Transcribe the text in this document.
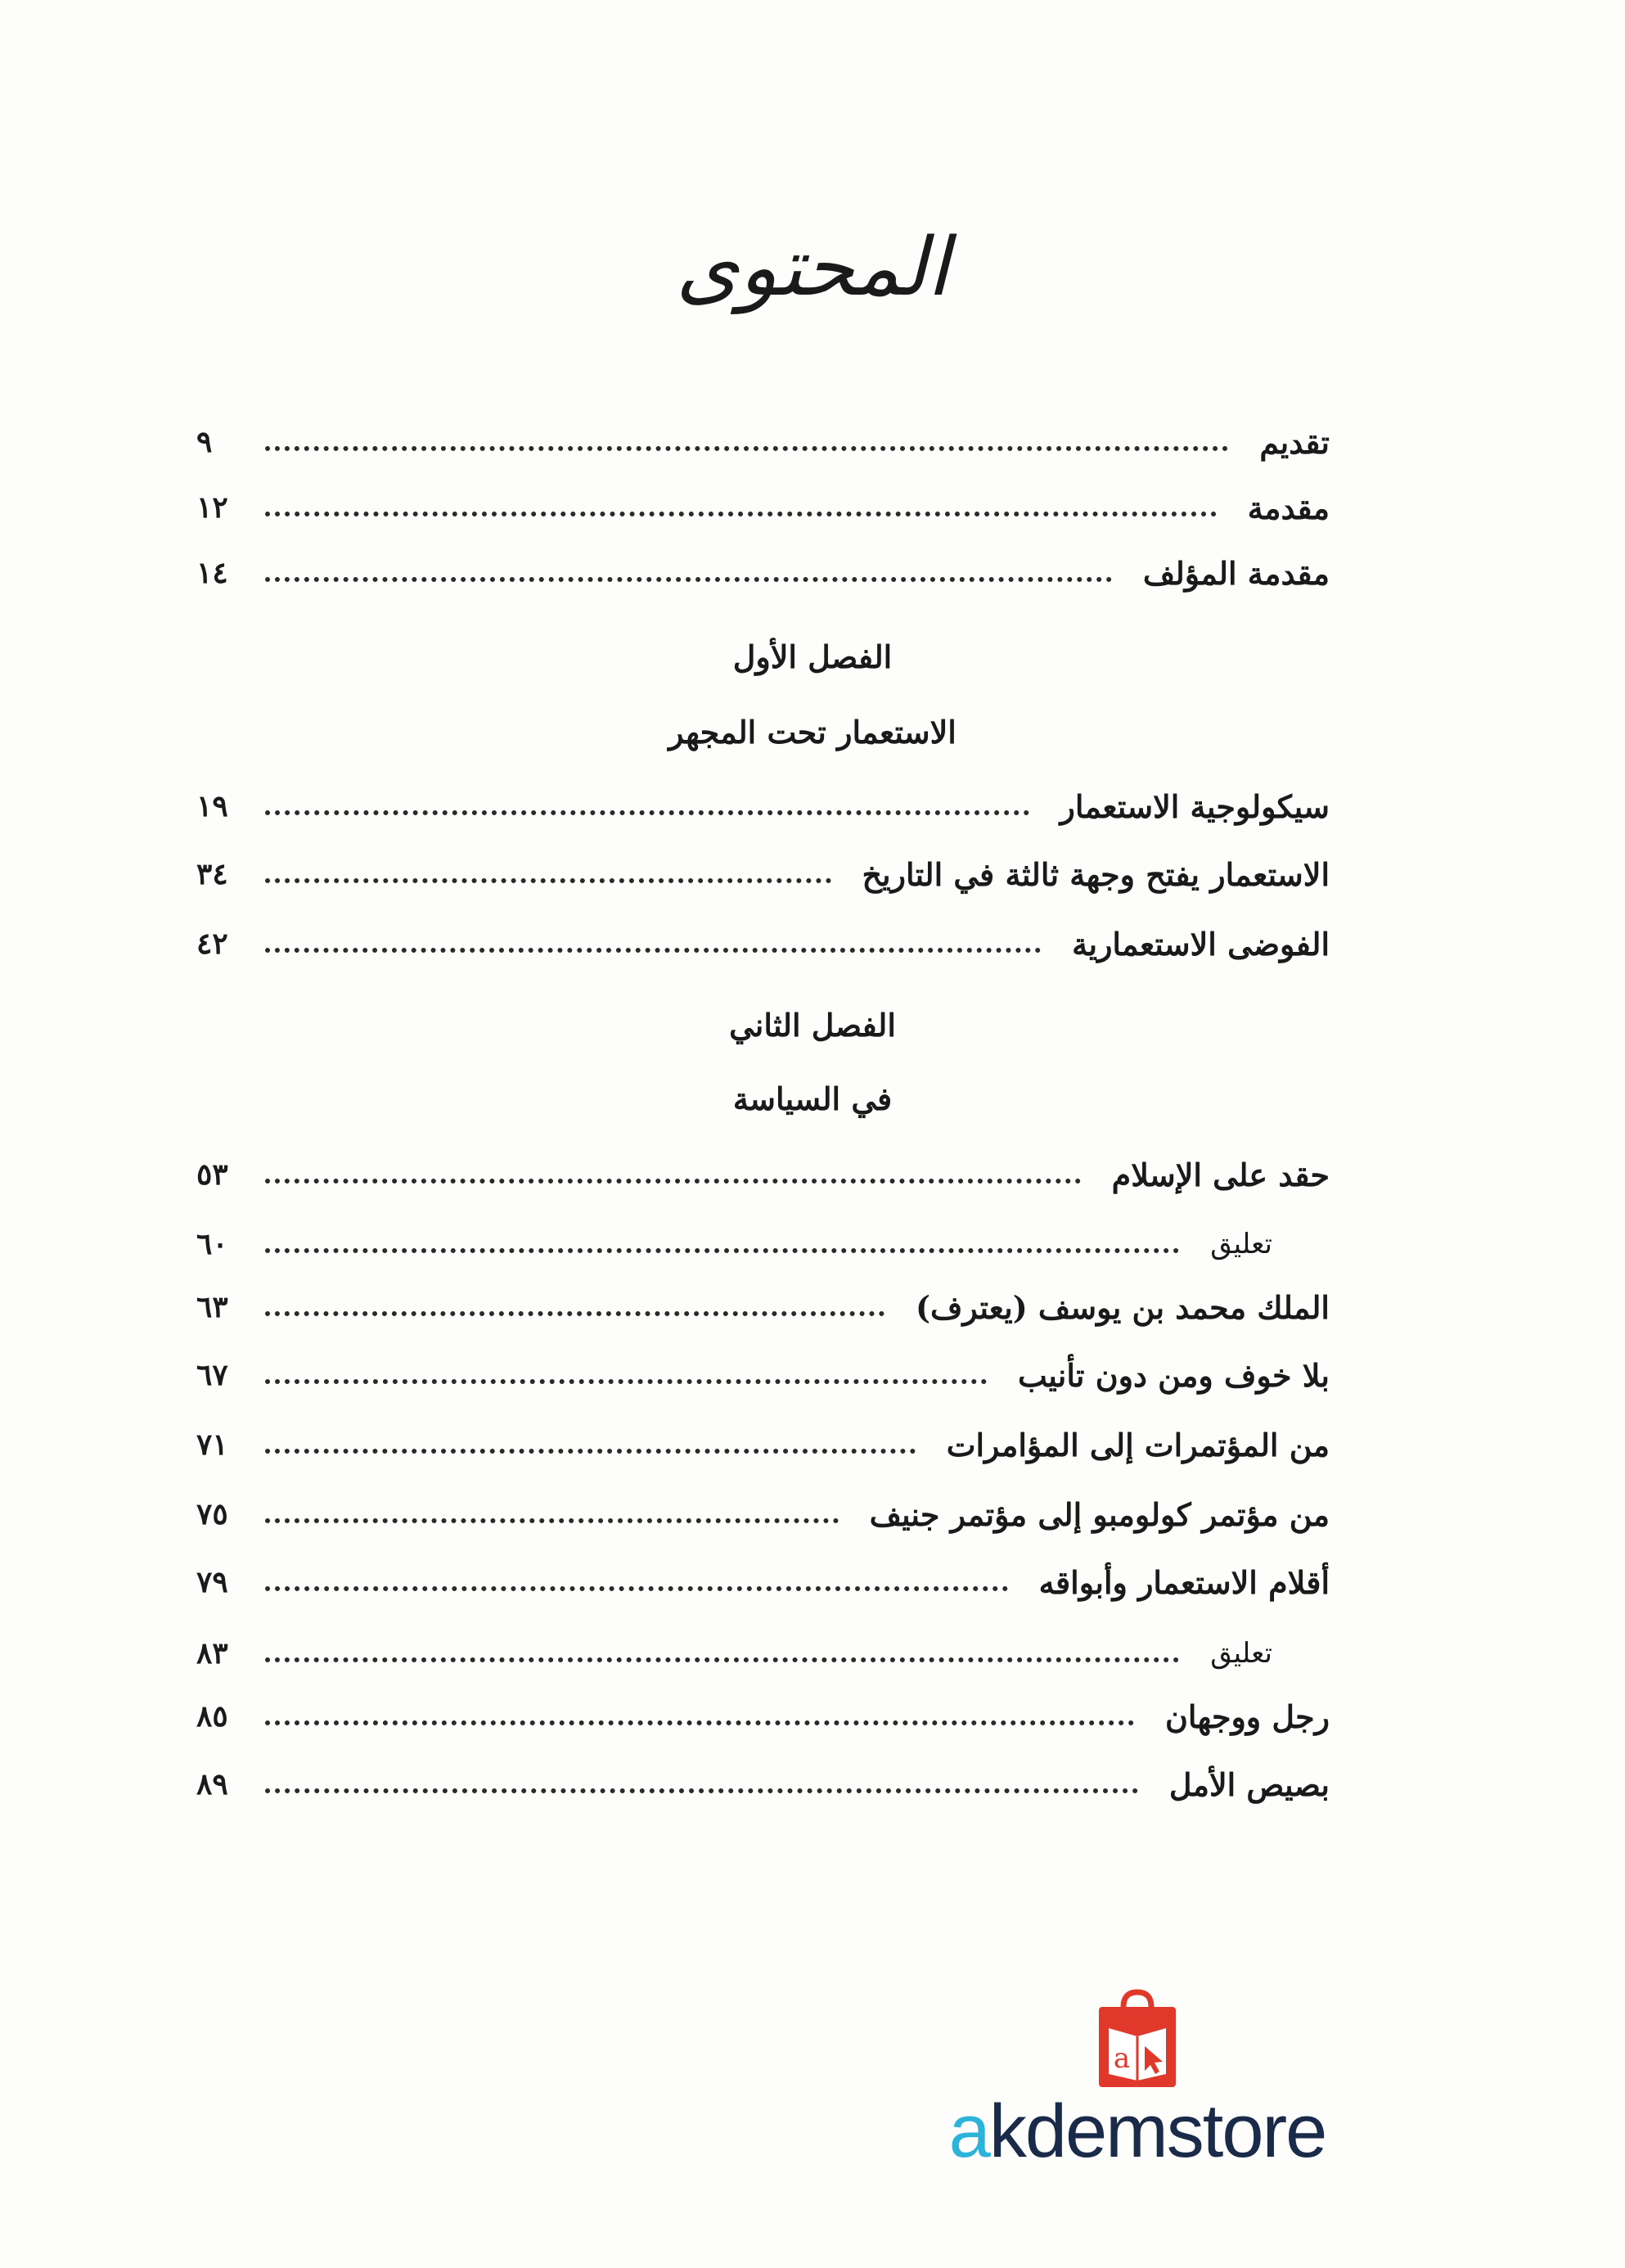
المحتوى
تقديم
٩
مقدمة
١٢
مقدمة المؤلف
١٤
الفصل الأول
الاستعمار تحت المجهر
سيكولوجية الاستعمار
١٩
الاستعمار يفتح وجهة ثالثة في التاريخ
٣٤
الفوضى الاستعمارية
٤٢
الفصل الثاني
في السياسة
حقد على الإسلام
٥٣
تعليق
٦٠
الملك محمد بن يوسف (يعترف)
٦٣
بلا خوف ومن دون تأنيب
٦٧
من المؤتمرات إلى المؤامرات
٧١
من مؤتمر كولومبو إلى مؤتمر جنيف
٧٥
أقلام الاستعمار وأبواقه
٧٩
تعليق
٨٣
رجل ووجهان
٨٥
بصيص الأمل
٨٩
a
akdemstore
